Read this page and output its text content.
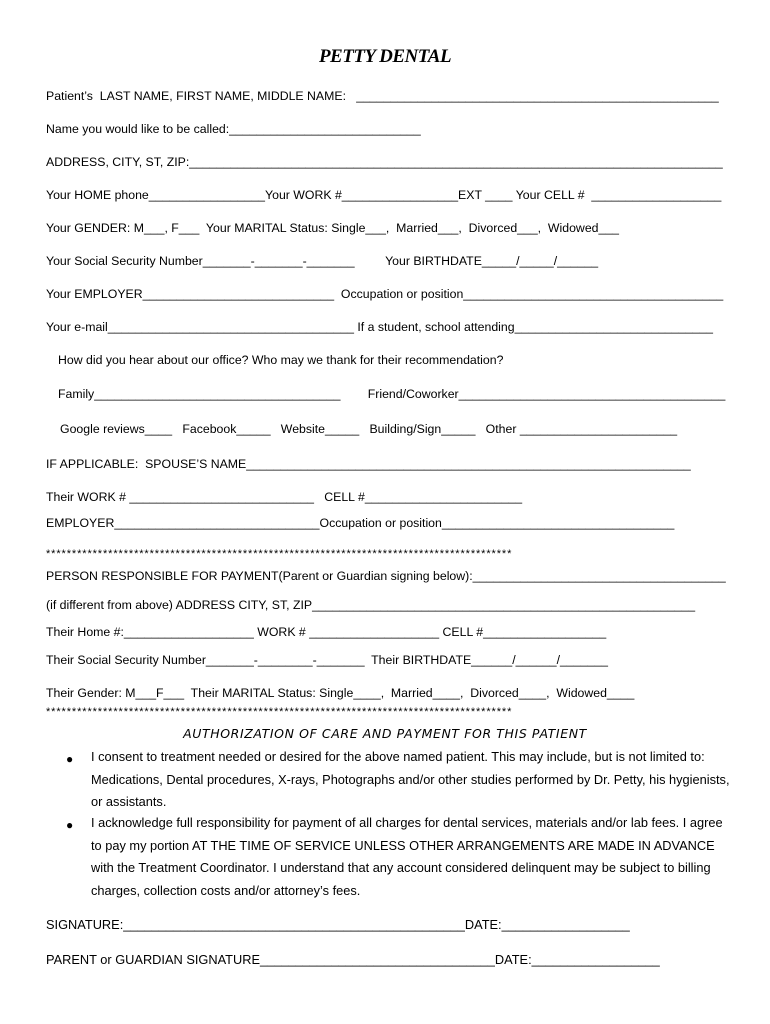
PETTY DENTAL
Patient’s  LAST NAME, FIRST NAME, MIDDLE NAME:   _____________________________________________________
Name you would like to be called:____________________________
ADDRESS, CITY, ST, ZIP:______________________________________________________________________________
Your HOME phone_________________Your WORK #_________________EXT ____ Your CELL #  ___________________
Your GENDER: M___, F___  Your MARITAL Status: Single___,  Married___,  Divorced___,  Widowed___
Your Social Security Number_______-_______-_______         Your BIRTHDATE_____/_____/______
Your EMPLOYER____________________________  Occupation or position______________________________________
Your e-mail____________________________________ If a student, school attending_____________________________
How did you hear about our office? Who may we thank for their recommendation?
Family____________________________________        Friend/Coworker_______________________________________
Google reviews____   Facebook_____   Website_____   Building/Sign_____   Other _______________________
IF APPLICABLE:  SPOUSE’S NAME_________________________________________________________________
Their WORK # ___________________________   CELL #_______________________
EMPLOYER______________________________Occupation or position__________________________________
******************************************************************************************
PERSON RESPONSIBLE FOR PAYMENT(Parent or Guardian signing below):_____________________________________
(if different from above) ADDRESS CITY, ST, ZIP________________________________________________________
Their Home #:___________________ WORK # ___________________ CELL #__________________
Their Social Security Number_______-________-_______  Their BIRTHDATE______/______/_______
Their Gender: M___F___  Their MARITAL Status: Single____,  Married____,  Divorced____,  Widowed____
******************************************************************************************
AUTHORIZATION OF CARE AND PAYMENT FOR THIS PATIENT
● I consent to treatment needed or desired for the above named patient. This may include, but is not limited to: Medications, Dental procedures, X-rays, Photographs and/or other studies performed by Dr. Petty, his hygienists, or assistants.
● I acknowledge full responsibility for payment of all charges for dental services, materials and/or lab fees. I agree to pay my portion AT THE TIME OF SERVICE UNLESS OTHER ARRANGEMENTS ARE MADE IN ADVANCE with the Treatment Coordinator. I understand that any account considered delinquent may be subject to billing charges, collection costs and/or attorney’s fees.
SIGNATURE:________________________________________________DATE:__________________
PARENT or GUARDIAN SIGNATURE_________________________________DATE:__________________
